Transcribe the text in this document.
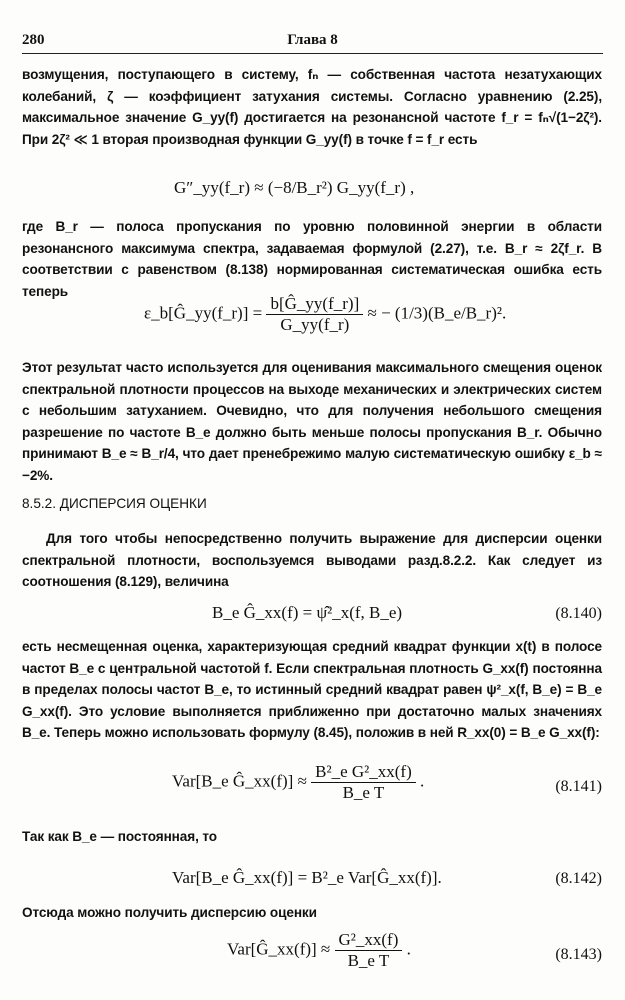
280	Глава 8
возмущения, поступающего в систему, fₙ — собственная частота незатухающих колебаний, ζ — коэффициент затухания системы. Согласно уравнению (2.25), максимальное значение G_yy(f) достигается на резонансной частоте f_r = fₙ√(1−2ζ²). При 2ζ² ≪ 1 вторая производная функции G_yy(f) в точке f = f_r есть
G″_yy(f_r) ≈ (−8/B_r²) G_yy(f_r) ,
где B_r — полоса пропускания по уровню половинной энергии в области резонансного максимума спектра, задаваемая формулой (2.27), т.е. B_r ≈ 2ζf_r. В соответствии с равенством (8.138) нормированная систематическая ошибка есть теперь
ε_b[Ĝ_yy(f_r)] = $\frac{b[Ĝ\_yy(f\_r)]}{G\_yy(f\_r)}$ ≈ − (1/3)(B_e/B_r)².
Этот результат часто используется для оценивания максимального смещения оценок спектральной плотности процессов на выходе механических и электрических систем с небольшим затуханием. Очевидно, что для получения небольшого смещения разрешение по частоте B_e должно быть меньше полосы пропускания B_r. Обычно принимают B_e ≈ B_r/4, что дает пренебрежимо малую систематическую ошибку ε_b ≈ −2%.
8.5.2. ДИСПЕРСИЯ ОЦЕНКИ
Для того чтобы непосредственно получить выражение для дисперсии оценки спектральной плотности, воспользуемся выводами разд.8.2.2. Как следует из соотношения (8.129), величина
B_e Ĝ_xx(f) = ψ̂²_x(f, B_e)	(8.140)
есть несмещенная оценка, характеризующая средний квадрат функции x(t) в полосе частот B_e с центральной частотой f. Если спектральная плотность G_xx(f) постоянна в пределах полосы частот B_e, то истинный средний квадрат равен ψ²_x(f, B_e) = B_e G_xx(f). Это условие выполняется приближенно при достаточно малых значениях B_e. Теперь можно использовать формулу (8.45), положив в ней R_xx(0) = B_e G_xx(f):
Var[B_e Ĝ_xx(f)] ≈ $\frac{\text{B²\_e G²\_xx(f)}}{\text{B\_e T}}$ .	(8.141)
Так как B_e — постоянная, то
Var[B_e Ĝ_xx(f)] = B²_e Var[Ĝ_xx(f)].	(8.142)
Отсюда можно получить дисперсию оценки
Var[Ĝ_xx(f)] ≈ $\frac{\text{G²\_xx(f)}}{\text{B\_e T}}$ .	(8.143)
